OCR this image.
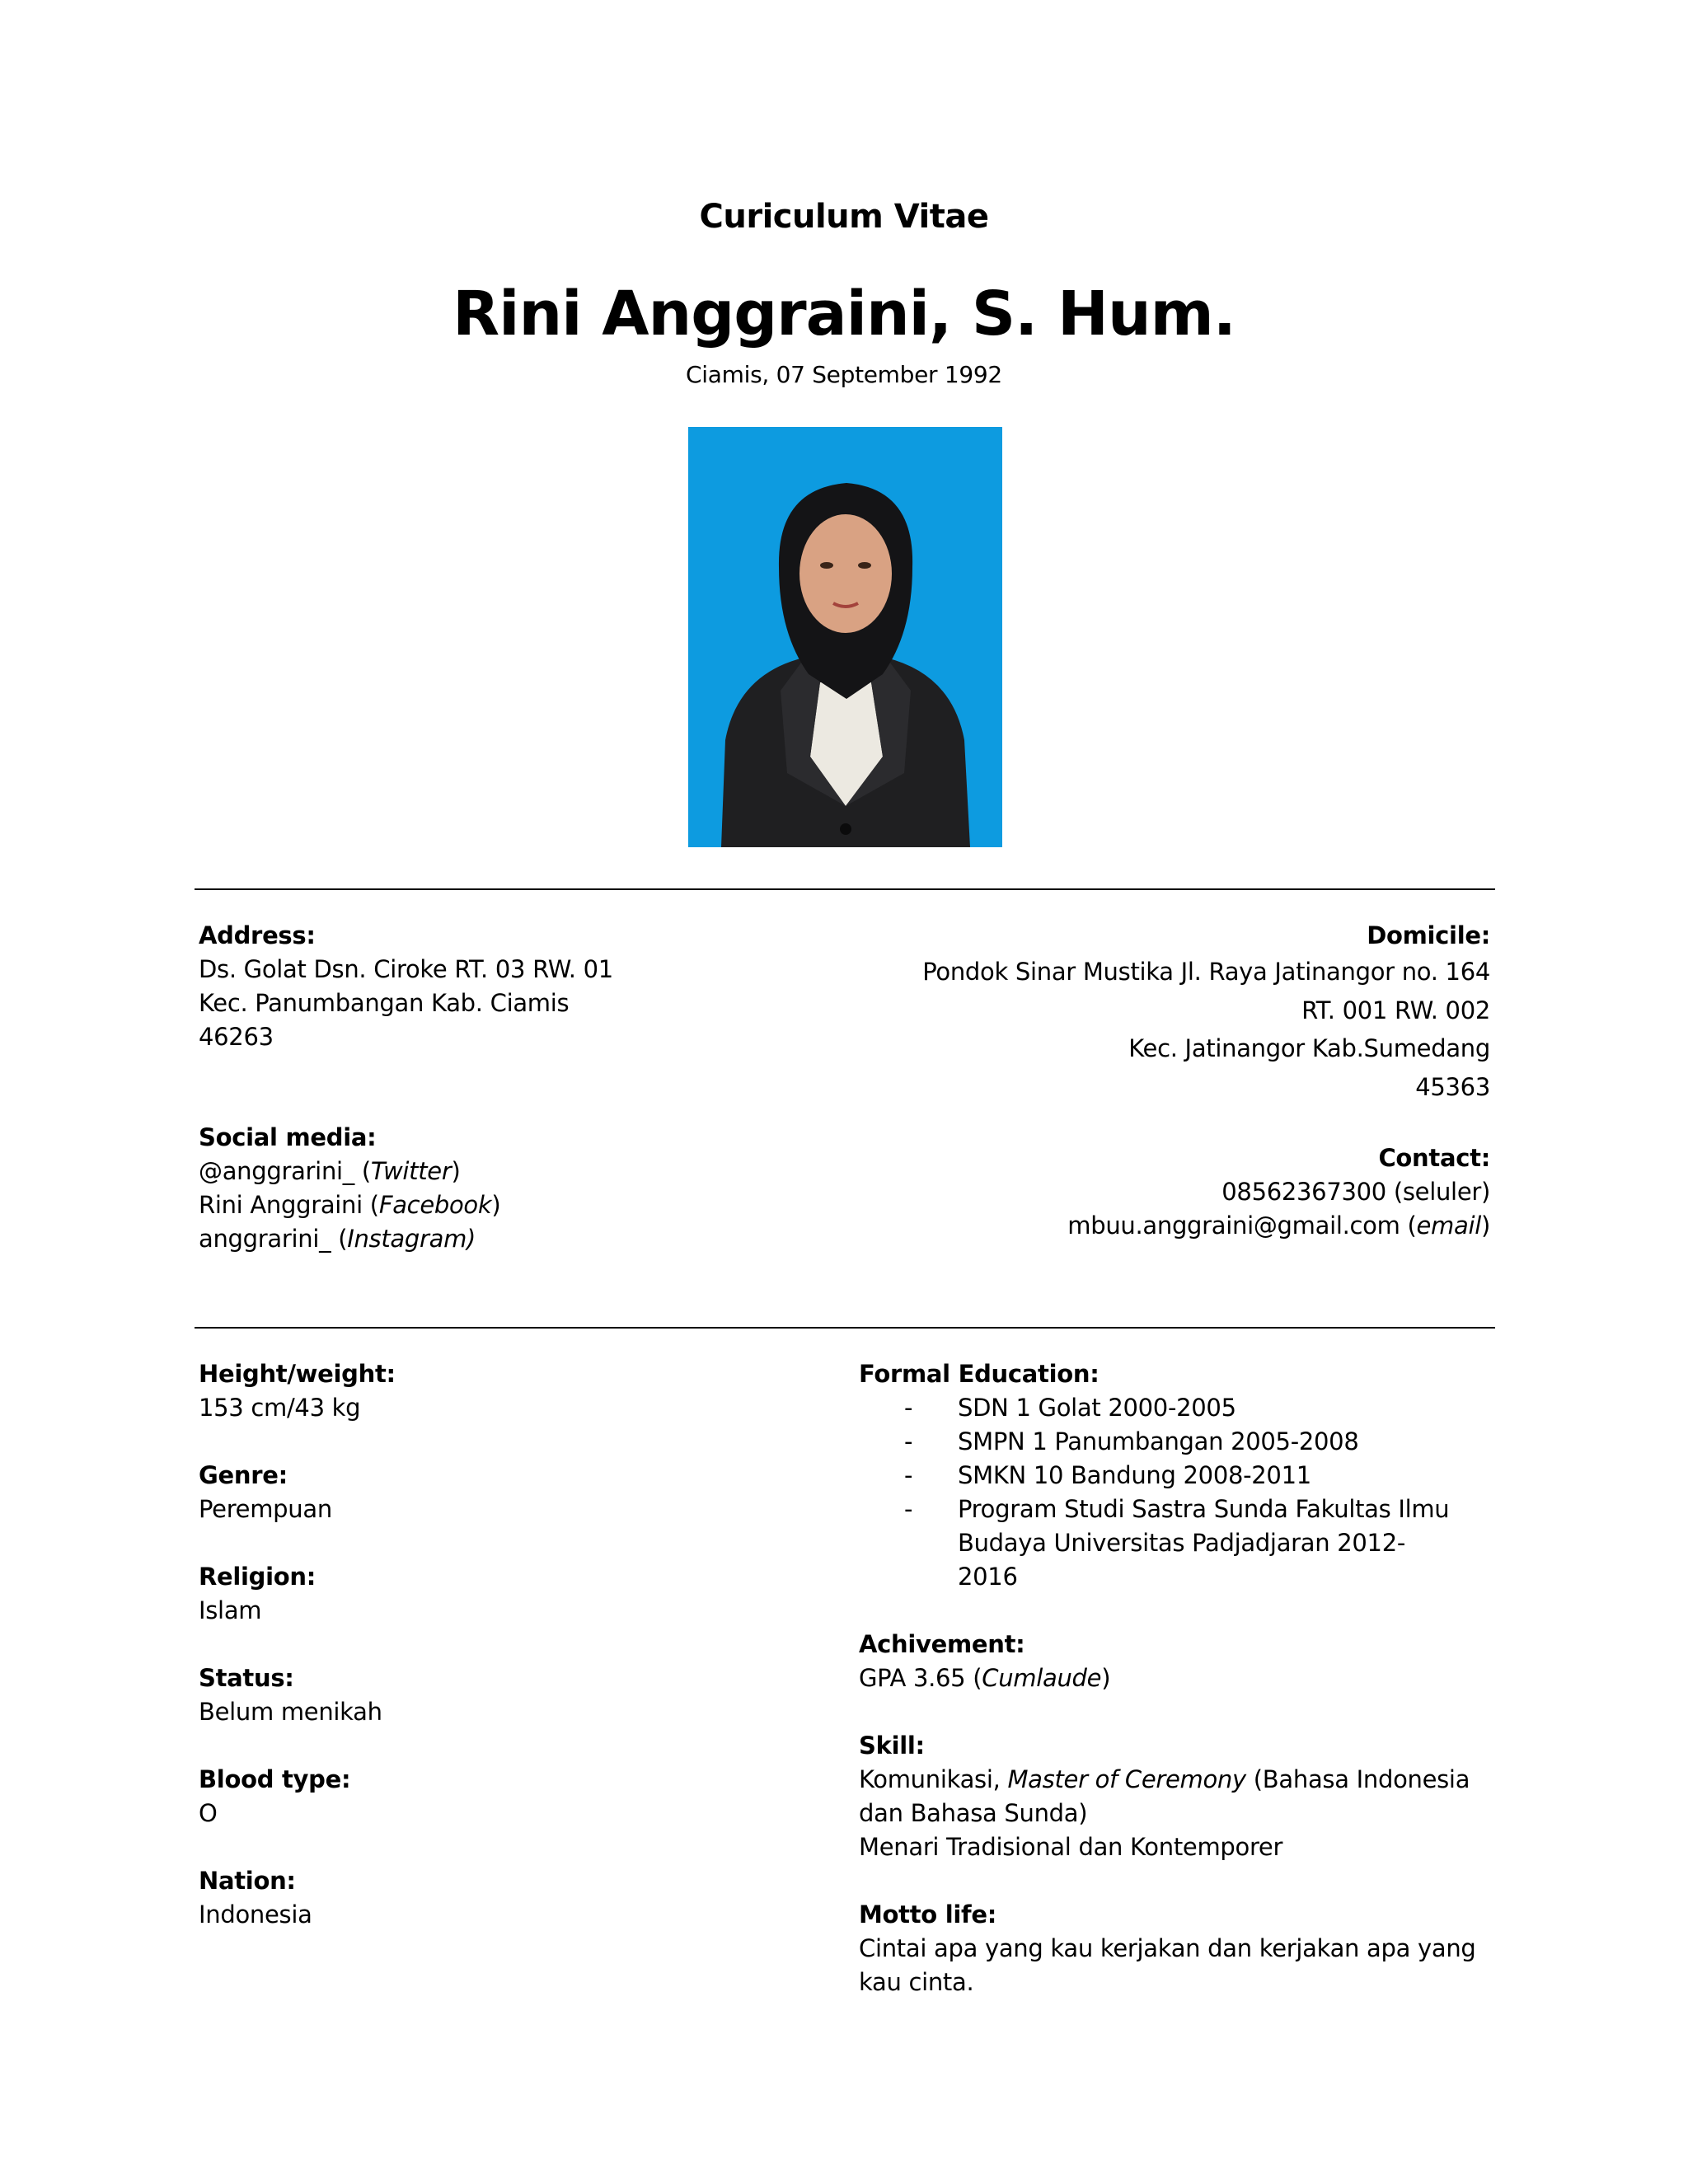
Curiculum Vitae
Rini Anggraini, S. Hum.
Ciamis, 07 September 1992
Address:
Ds. Golat Dsn. Ciroke RT. 03 RW. 01
Kec. Panumbangan Kab. Ciamis
46263
Domicile:
Pondok Sinar Mustika Jl. Raya Jatinangor no. 164
RT. 001 RW. 002
Kec. Jatinangor Kab.Sumedang
45363
Social media:
@anggrarini_ (Twitter)
Rini Anggraini (Facebook)
anggrarini_ (Instagram)
Contact:
08562367300 (seluler)
mbuu.anggraini@gmail.com (email)
Height/weight:
153 cm/43 kg
Genre:
Perempuan
Religion:
Islam
Status:
Belum menikah
Blood type:
O
Nation:
Indonesia
Formal Education:
- SDN 1 Golat 2000-2005
- SMPN 1 Panumbangan 2005-2008
- SMKN 10 Bandung 2008-2011
- Program Studi Sastra Sunda Fakultas Ilmu Budaya Universitas Padjadjaran 2012-2016
Achivement:
GPA 3.65 (Cumlaude)
Skill:
Komunikasi, Master of Ceremony (Bahasa Indonesia dan Bahasa Sunda)
Menari Tradisional dan Kontemporer
Motto life:
Cintai apa yang kau kerjakan dan kerjakan apa yang kau cinta.
